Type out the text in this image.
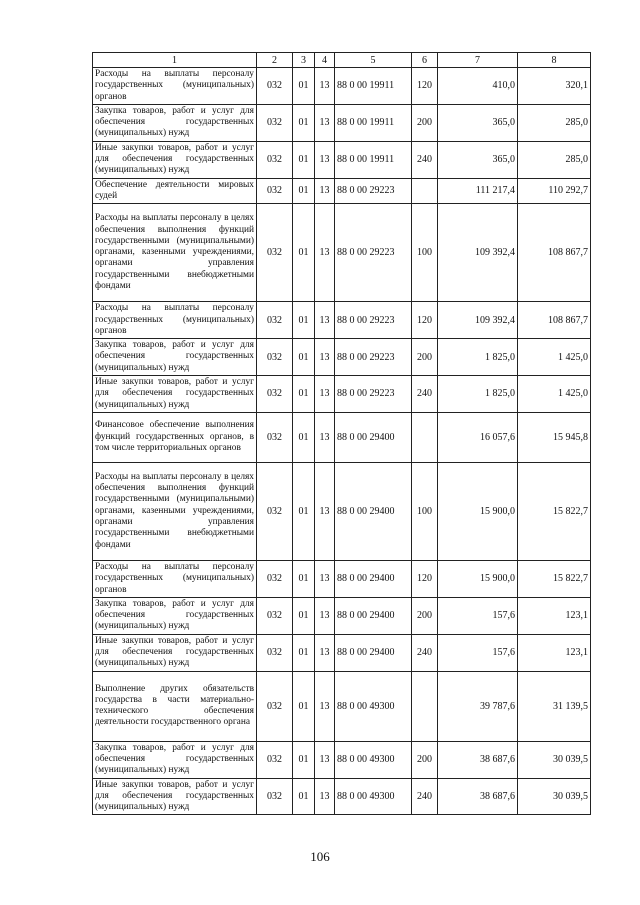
1	2	3	4	5	6	7	8
Расходы на выплаты персоналу государственных (муниципальных) органов	032	01	13	88 0 00 19911	120	410,0	320,1
Закупка товаров, работ и услуг для обеспечения государственных (муниципальных) нужд	032	01	13	88 0 00 19911	200	365,0	285,0
Иные закупки товаров, работ и услуг для обеспечения государственных (муниципальных) нужд	032	01	13	88 0 00 19911	240	365,0	285,0
Обеспечение деятельности мировых судей	032	01	13	88 0 00 29223		111 217,4	110 292,7
Расходы на выплаты персоналу в целях обеспечения выполнения функций государственными (муниципальными) органами, казенными учреждениями, органами управления государственными внебюджетными фондами	032	01	13	88 0 00 29223	100	109 392,4	108 867,7
Расходы на выплаты персоналу государственных (муниципальных) органов	032	01	13	88 0 00 29223	120	109 392,4	108 867,7
Закупка товаров, работ и услуг для обеспечения государственных (муниципальных) нужд	032	01	13	88 0 00 29223	200	1 825,0	1 425,0
Иные закупки товаров, работ и услуг для обеспечения государственных (муниципальных) нужд	032	01	13	88 0 00 29223	240	1 825,0	1 425,0
Финансовое обеспечение выполнения функций государственных органов, в том числе территориальных органов	032	01	13	88 0 00 29400		16 057,6	15 945,8
Расходы на выплаты персоналу в целях обеспечения выполнения функций государственными (муниципальными) органами, казенными учреждениями, органами управления государственными внебюджетными фондами	032	01	13	88 0 00 29400	100	15 900,0	15 822,7
Расходы на выплаты персоналу государственных (муниципальных) органов	032	01	13	88 0 00 29400	120	15 900,0	15 822,7
Закупка товаров, работ и услуг для обеспечения государственных (муниципальных) нужд	032	01	13	88 0 00 29400	200	157,6	123,1
Иные закупки товаров, работ и услуг для обеспечения государственных (муниципальных) нужд	032	01	13	88 0 00 29400	240	157,6	123,1
Выполнение других обязательств государства в части материально-технического обеспечения деятельности государственного органа	032	01	13	88 0 00 49300		39 787,6	31 139,5
Закупка товаров, работ и услуг для обеспечения государственных (муниципальных) нужд	032	01	13	88 0 00 49300	200	38 687,6	30 039,5
Иные закупки товаров, работ и услуг для обеспечения государственных (муниципальных) нужд	032	01	13	88 0 00 49300	240	38 687,6	30 039,5
106
